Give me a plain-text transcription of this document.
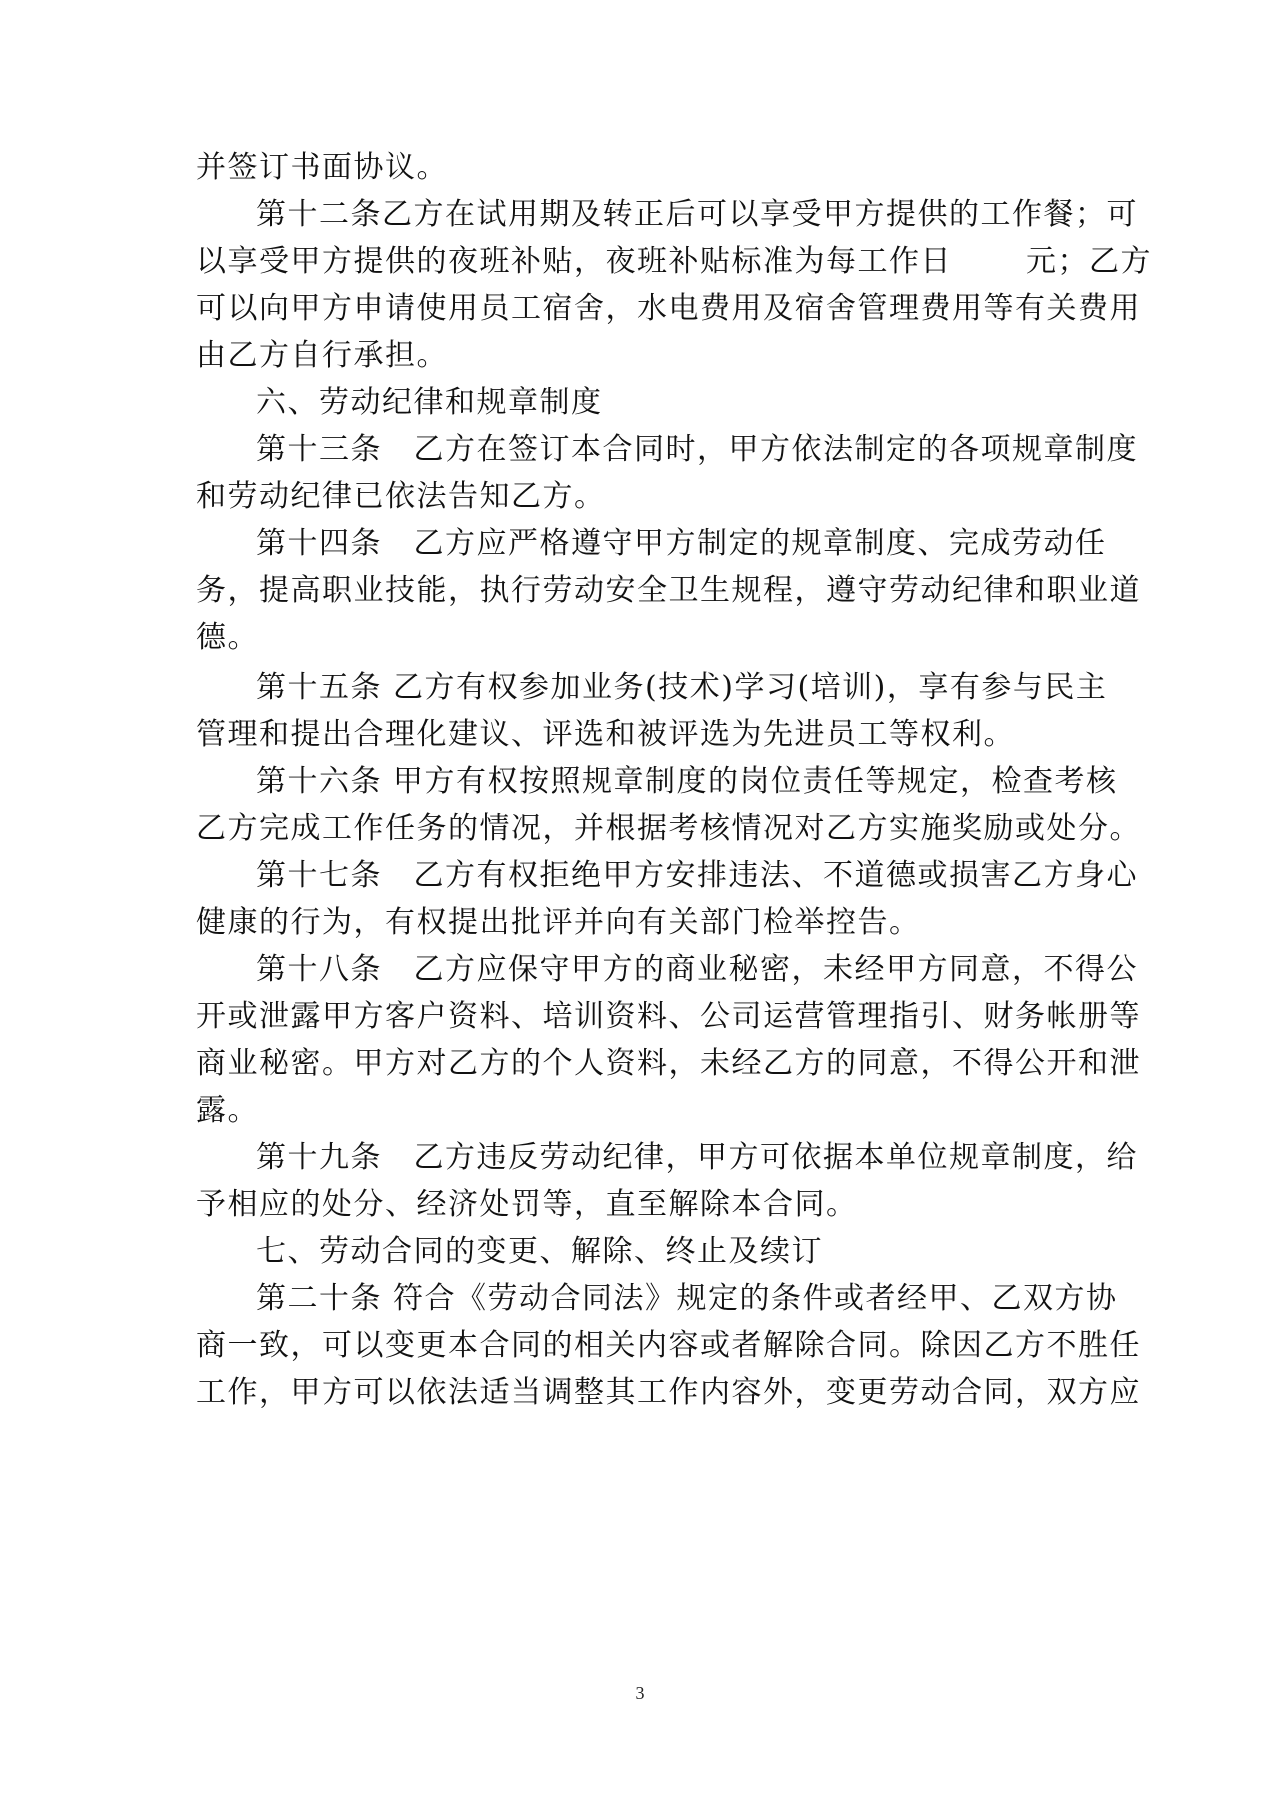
并签订书面协议。
第十二条乙方在试用期及转正后可以享受甲方提供的工作餐；可
以享受甲方提供的夜班补贴，夜班补贴标准为每工作日 　　元；乙方
可以向甲方申请使用员工宿舍，水电费用及宿舍管理费用等有关费用
由乙方自行承担。
六、劳动纪律和规章制度
第十三条　乙方在签订本合同时，甲方依法制定的各项规章制度
和劳动纪律已依法告知乙方。
第十四条　乙方应严格遵守甲方制定的规章制度、完成劳动任
务，提高职业技能，执行劳动安全卫生规程，遵守劳动纪律和职业道
德。
第十五条 乙方有权参加业务(技术)学习(培训)，享有参与民主
管理和提出合理化建议、评选和被评选为先进员工等权利。
第十六条 甲方有权按照规章制度的岗位责任等规定，检查考核
乙方完成工作任务的情况，并根据考核情况对乙方实施奖励或处分。
第十七条　乙方有权拒绝甲方安排违法、不道德或损害乙方身心
健康的行为，有权提出批评并向有关部门检举控告。
第十八条　乙方应保守甲方的商业秘密，未经甲方同意，不得公
开或泄露甲方客户资料、培训资料、公司运营管理指引、财务帐册等
商业秘密。甲方对乙方的个人资料，未经乙方的同意，不得公开和泄
露。
第十九条　乙方违反劳动纪律，甲方可依据本单位规章制度，给
予相应的处分、经济处罚等，直至解除本合同。
七、劳动合同的变更、解除、终止及续订
第二十条 符合《劳动合同法》规定的条件或者经甲、乙双方协
商一致，可以变更本合同的相关内容或者解除合同。除因乙方不胜任
工作，甲方可以依法适当调整其工作内容外，变更劳动合同，双方应
3
